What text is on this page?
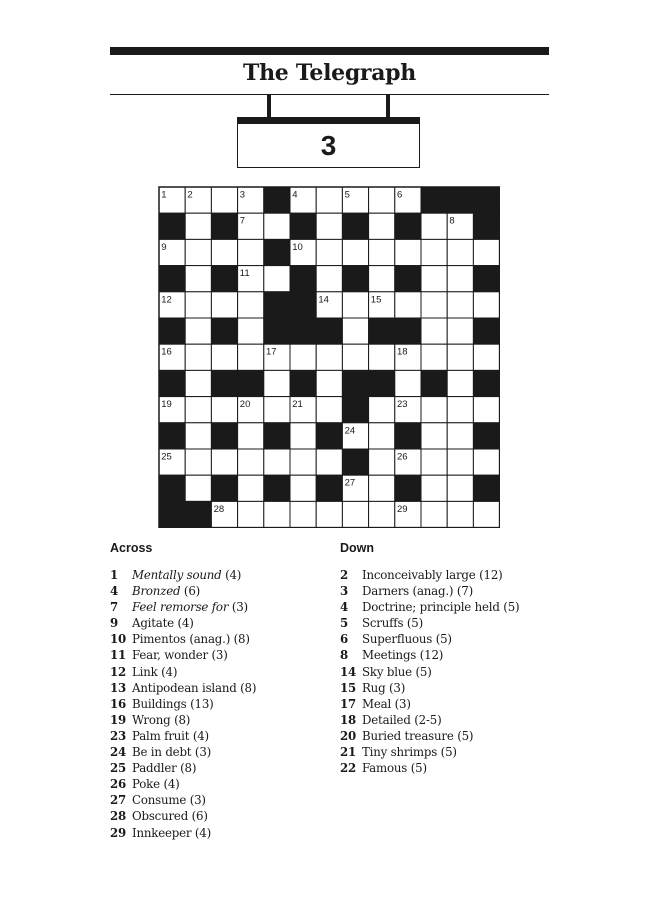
The Telegraph
3
1 2	3	4	5	6
7	8
9	10
11
12	13 14	15
16	17	18
19	20	21	22	23
24
25	26
27
28	29
Across
1	Mentally sound
(4)
4	Bronzed
(6)
7	Feel remorse for
(3)
9	Agitate
(4)
10 Pimentos (anag.)
(8)
11 Fear, wonder
(3)
12 Link
(4)
13 Antipodean island
(8)
16 Buildings
(13)
19 Wrong
(8)
23 Palm fruit
(4)
24 Be in debt
(3)
25 Paddler
(8)
26 Poke
(4)
27 Consume
(3)
28 Obscured
(6)
29 Innkeeper
(4)
Down
2	Inconceivably large
(12)
3	Darners (anag.)
(7)
4	Doctrine; principle held
(5)
5	Scruffs
(5)
6	Superfluous
(5)
8	Meetings
(12)
14 Sky blue
(5)
15 Rug
(3)
17 Meal
(3)
18 Detailed
(2-5)
20 Buried treasure
(5)
21 Tiny shrimps
(5)
22 Famous
(5)
